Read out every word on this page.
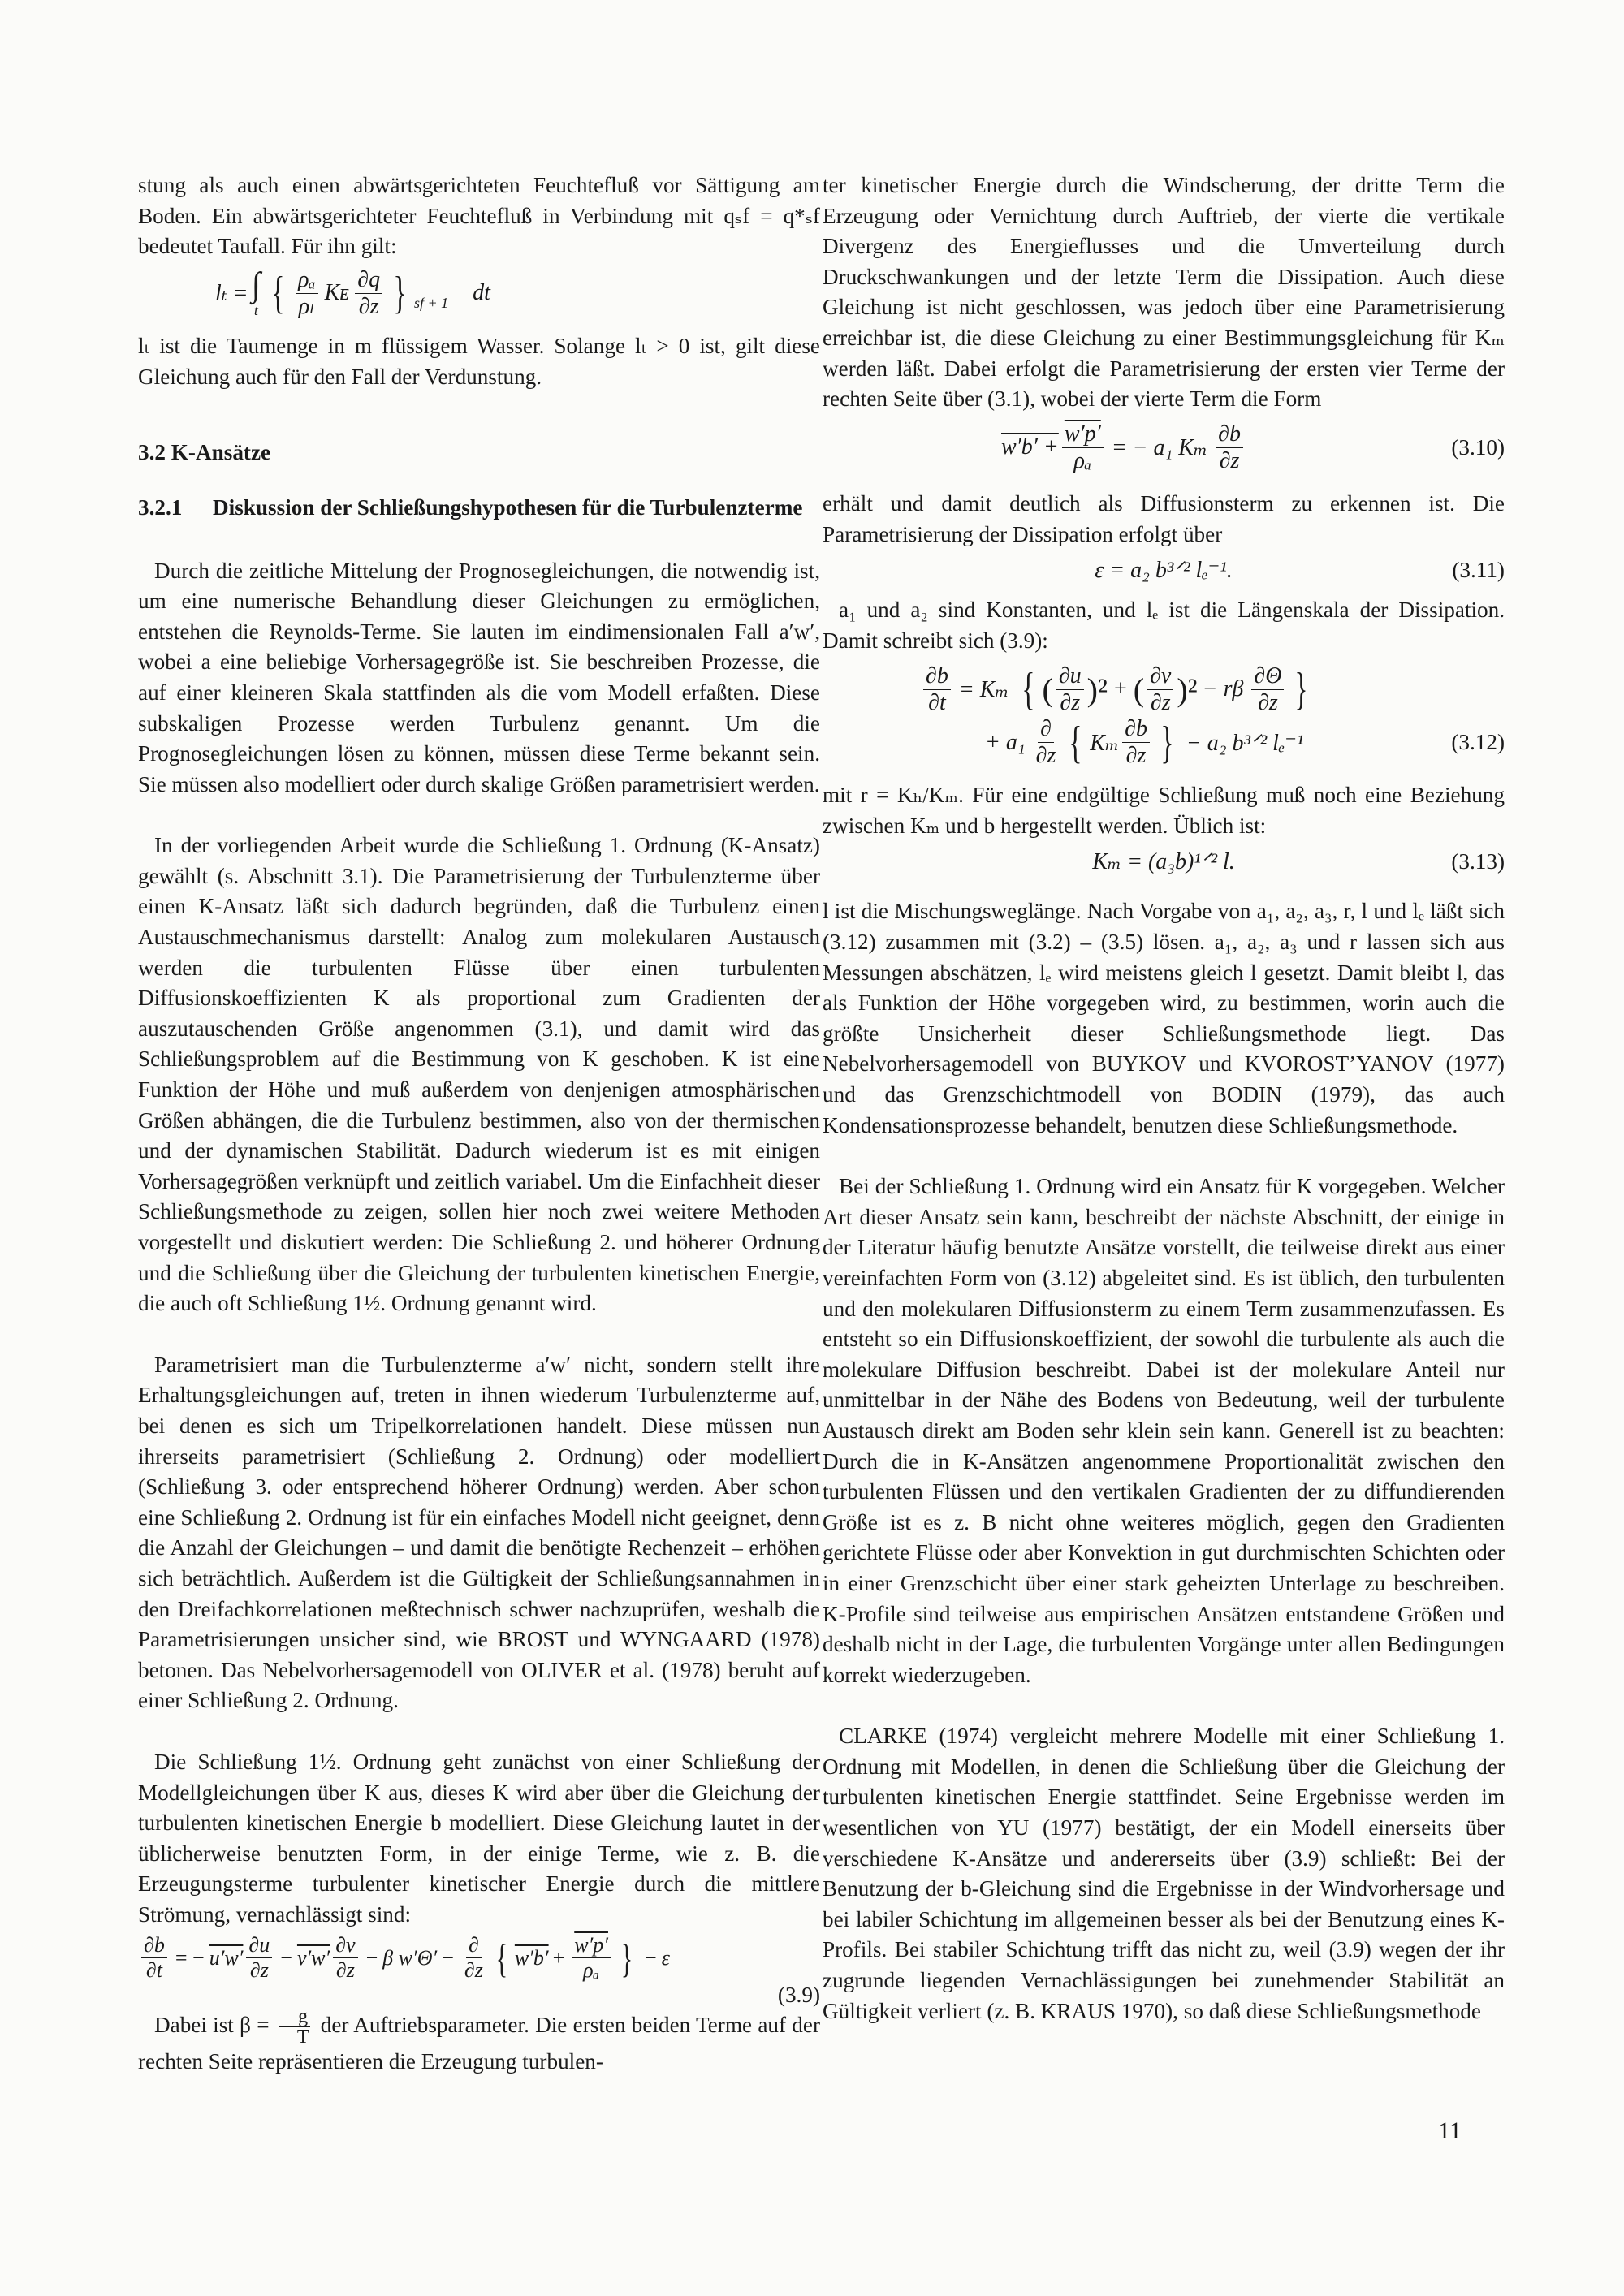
stung als auch einen abwärtsgerichteten Feuchtefluß vor Sättigung am Boden. Ein abwärtsgerichteter Feuchtefluß in Verbindung mit qₛf = q*ₛf bedeutet Taufall. Für ihn gilt:

lₜ = ∫
t { $\frac{\text{ρₐ}}{\text{ρₗ}}$ Kᴇ $\frac{\partial q}{\partial z}$ } sf + 1 dt

lₜ ist die Taumenge in m flüssigem Wasser. Solange lₜ > 0 ist, gilt diese Gleichung auch für den Fall der Verdunstung.

3.2 K-Ansätze
3.2.1	Diskussion der Schließungshypothesen für die Turbulenzterme

Durch die zeitliche Mittelung der Prognosegleichungen, die notwendig ist, um eine numerische Behandlung dieser Gleichungen zu ermöglichen, entstehen die Reynolds-Terme. Sie lauten im eindimensionalen Fall a′w′, wobei a eine beliebige Vorhersagegröße ist. Sie beschreiben Prozesse, die auf einer kleineren Skala stattfinden als die vom Modell erfaßten. Diese subskaligen Prozesse werden Turbulenz genannt. Um die Prognosegleichungen lösen zu können, müssen diese Terme bekannt sein. Sie müssen also modelliert oder durch skalige Größen parametrisiert werden.

In der vorliegenden Arbeit wurde die Schließung 1. Ordnung (K-Ansatz) gewählt (s. Abschnitt 3.1). Die Parametrisierung der Turbulenzterme über einen K-Ansatz läßt sich dadurch begründen, daß die Turbulenz einen Austauschmechanismus darstellt: Analog zum molekularen Austausch werden die turbulenten Flüsse über einen turbulenten Diffusionskoeffizienten K als proportional zum Gradienten der auszutauschenden Größe angenommen (3.1), und damit wird das Schließungsproblem auf die Bestimmung von K geschoben. K ist eine Funktion der Höhe und muß außerdem von denjenigen atmosphärischen Größen abhängen, die die Turbulenz bestimmen, also von der thermischen und der dynamischen Stabilität. Dadurch wiederum ist es mit einigen Vorhersagegrößen verknüpft und zeitlich variabel. Um die Einfachheit dieser Schließungsmethode zu zeigen, sollen hier noch zwei weitere Methoden vorgestellt und diskutiert werden: Die Schließung 2. und höherer Ordnung und die Schließung über die Gleichung der turbulenten kinetischen Energie, die auch oft Schließung 1½. Ordnung genannt wird.

Parametrisiert man die Turbulenzterme a′w′ nicht, sondern stellt ihre Erhaltungsgleichungen auf, treten in ihnen wiederum Turbulenzterme auf, bei denen es sich um Tripelkorrelationen handelt. Diese müssen nun ihrerseits parametrisiert (Schließung 2. Ordnung) oder modelliert (Schließung 3. oder entsprechend höherer Ordnung) werden. Aber schon eine Schließung 2. Ordnung ist für ein einfaches Modell nicht geeignet, denn die Anzahl der Gleichungen – und damit die benötigte Rechenzeit – erhöhen sich beträchtlich. Außerdem ist die Gültigkeit der Schließungsannahmen in den Dreifachkorrelationen meßtechnisch schwer nachzuprüfen, weshalb die Parametrisierungen unsicher sind, wie BROST und WYNGAARD (1978) betonen. Das Nebelvorhersagemodell von OLIVER et al. (1978) beruht auf einer Schließung 2. Ordnung.

Die Schließung 1½. Ordnung geht zunächst von einer Schließung der Modellgleichungen über K aus, dieses K wird aber über die Gleichung der turbulenten kinetischen Energie b modelliert. Diese Gleichung lautet in der üblicherweise benutzten Form, in der einige Terme, wie z. B. die Erzeugungsterme turbulenter kinetischer Energie durch die mittlere Strömung, vernachlässigt sind:

$\frac{\partial b}{\partial t}$ = − $u'w' \frac{\partial u}{\partial z} - v'w' \frac{\partial v}{\partial z} - \beta$ $w'\Theta' - \frac{\partial}{\partial z}$ { $w'b' + \frac{w'p'}{\text{ρₐ}}$ } − ε
(3.9)

Dabei ist $\beta = \frac{g}{T}$ der Auftriebsparameter. Die ersten beiden Terme auf der rechten Seite repräsentieren die Erzeugung turbulen-

ter kinetischer Energie durch die Windscherung, der dritte Term die Erzeugung oder Vernichtung durch Auftrieb, der vierte die vertikale Divergenz des Energieflusses und die Umverteilung durch Druckschwankungen und der letzte Term die Dissipation. Auch diese Gleichung ist nicht geschlossen, was jedoch über eine Parametrisierung erreichbar ist, die diese Gleichung zu einer Bestimmungsgleichung für Kₘ werden läßt. Dabei erfolgt die Parametrisierung der ersten vier Terme der rechten Seite über (3.1), wobei der vierte Term die Form

$w'b' + \frac{w'p'}{\text{ρₐ}}$ = − a₁ Kₘ $\frac{\partial b}{\partial z}$	(3.10)

erhält und damit deutlich als Diffusionsterm zu erkennen ist. Die Parametrisierung der Dissipation erfolgt über

ε = a₂ b³ᐟ² lₑ⁻¹.	(3.11)

a₁ und a₂ sind Konstanten, und lₑ ist die Längenskala der Dissipation. Damit schreibt sich (3.9):

$\frac{\partial b}{\partial t} = K_m$ { ( $\frac{\partial u}{\partial z} )^2$ + ( $\frac{\partial v}{\partial z} )^2 - r\beta \frac{\partial\Theta}{\partial z}$ }
+ $a_1 \frac{\partial}{\partial z}$ { Kₘ $\frac{\partial b}{\partial z}$ } − a₂ b³ᐟ² lₑ⁻¹	(3.12)

mit r = Kₕ/Kₘ. Für eine endgültige Schließung muß noch eine Beziehung zwischen Kₘ und b hergestellt werden. Üblich ist:

Kₘ = (a₃b)¹ᐟ² l.	(3.13)

l ist die Mischungsweglänge. Nach Vorgabe von a₁, a₂, a₃, r, l und lₑ läßt sich (3.12) zusammen mit (3.2) – (3.5) lösen. a₁, a₂, a₃ und r lassen sich aus Messungen abschätzen, lₑ wird meistens gleich l gesetzt. Damit bleibt l, das als Funktion der Höhe vorgegeben wird, zu bestimmen, worin auch die größte Unsicherheit dieser Schließungsmethode liegt. Das Nebelvorhersagemodell von BUYKOV und KVOROST’YANOV (1977) und das Grenzschichtmodell von BODIN (1979), das auch Kondensationsprozesse behandelt, benutzen diese Schließungsmethode.

Bei der Schließung 1. Ordnung wird ein Ansatz für K vorgegeben. Welcher Art dieser Ansatz sein kann, beschreibt der nächste Abschnitt, der einige in der Literatur häufig benutzte Ansätze vorstellt, die teilweise direkt aus einer vereinfachten Form von (3.12) abgeleitet sind. Es ist üblich, den turbulenten und den molekularen Diffusionsterm zu einem Term zusammenzufassen. Es entsteht so ein Diffusionskoeffizient, der sowohl die turbulente als auch die molekulare Diffusion beschreibt. Dabei ist der molekulare Anteil nur unmittelbar in der Nähe des Bodens von Bedeutung, weil der turbulente Austausch direkt am Boden sehr klein sein kann. Generell ist zu beachten: Durch die in K-Ansätzen angenommene Proportionalität zwischen den turbulenten Flüssen und den vertikalen Gradienten der zu diffundierenden Größe ist es z. B nicht ohne weiteres möglich, gegen den Gradienten gerichtete Flüsse oder aber Konvektion in gut durchmischten Schichten oder in einer Grenzschicht über einer stark geheizten Unterlage zu beschreiben. K-Profile sind teilweise aus empirischen Ansätzen entstandene Größen und deshalb nicht in der Lage, die turbulenten Vorgänge unter allen Bedingungen korrekt wiederzugeben.

CLARKE (1974) vergleicht mehrere Modelle mit einer Schließung 1. Ordnung mit Modellen, in denen die Schließung über die Gleichung der turbulenten kinetischen Energie stattfindet. Seine Ergebnisse werden im wesentlichen von YU (1977) bestätigt, der ein Modell einerseits über verschiedene K-Ansätze und andererseits über (3.9) schließt: Bei der Benutzung der b-Gleichung sind die Ergebnisse in der Windvorhersage und bei labiler Schichtung im allgemeinen besser als bei der Benutzung eines K-Profils. Bei stabiler Schichtung trifft das nicht zu, weil (3.9) wegen der ihr zugrunde liegenden Vernachlässigungen bei zunehmender Stabilität an Gültigkeit verliert (z. B. KRAUS 1970), so daß diese Schließungsmethode

11
